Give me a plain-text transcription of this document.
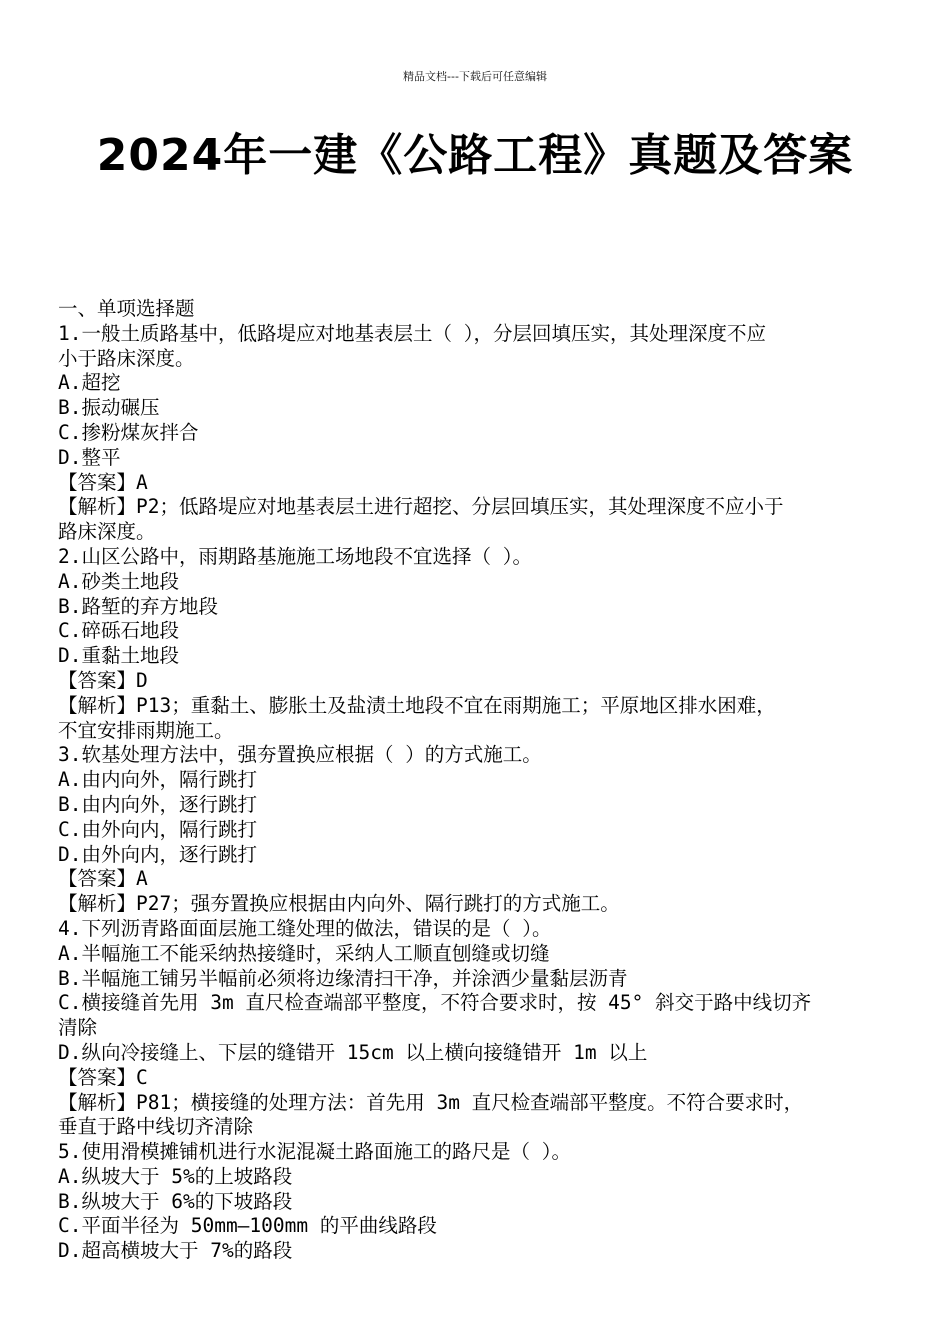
精品文档---下载后可任意编辑
2024年一建《公路工程》真题及答案
一、单项选择题
1.一般土质路基中，低路堤应对地基表层土（ ），分层回填压实，其处理深度不应
小于路床深度。
A.超挖
B.振动碾压
C.掺粉煤灰拌合
D.整平
【答案】A
【解析】P2；低路堤应对地基表层土进行超挖、分层回填压实，其处理深度不应小于
路床深度。
2.山区公路中，雨期路基施施工场地段不宜选择（ ）。
A.砂类土地段
B.路堑的弃方地段
C.碎砾石地段
D.重黏土地段
【答案】D
【解析】P13；重黏土、膨胀土及盐渍土地段不宜在雨期施工；平原地区排水困难，
不宜安排雨期施工。
3.软基处理方法中，强夯置换应根据（ ）的方式施工。
A.由内向外，隔行跳打
B.由内向外，逐行跳打
C.由外向内，隔行跳打
D.由外向内，逐行跳打
【答案】A
【解析】P27；强夯置换应根据由内向外、隔行跳打的方式施工。
4.下列沥青路面面层施工缝处理的做法，错误的是（ ）。
A.半幅施工不能采纳热接缝时，采纳人工顺直刨缝或切缝
B.半幅施工铺另半幅前必须将边缘清扫干净，并涂洒少量黏层沥青
C.横接缝首先用 3m 直尺检查端部平整度，不符合要求时，按 45° 斜交于路中线切齐
清除
D.纵向冷接缝上、下层的缝错开 15cm 以上横向接缝错开 1m 以上
【答案】C
【解析】P81；横接缝的处理方法：首先用 3m 直尺检查端部平整度。不符合要求时，
垂直于路中线切齐清除
5.使用滑模摊铺机进行水泥混凝土路面施工的路尺是（ ）。
A.纵坡大于 5%的上坡路段
B.纵坡大于 6%的下坡路段
C.平面半径为 50mm—100mm 的平曲线路段
D.超高横坡大于 7%的路段
